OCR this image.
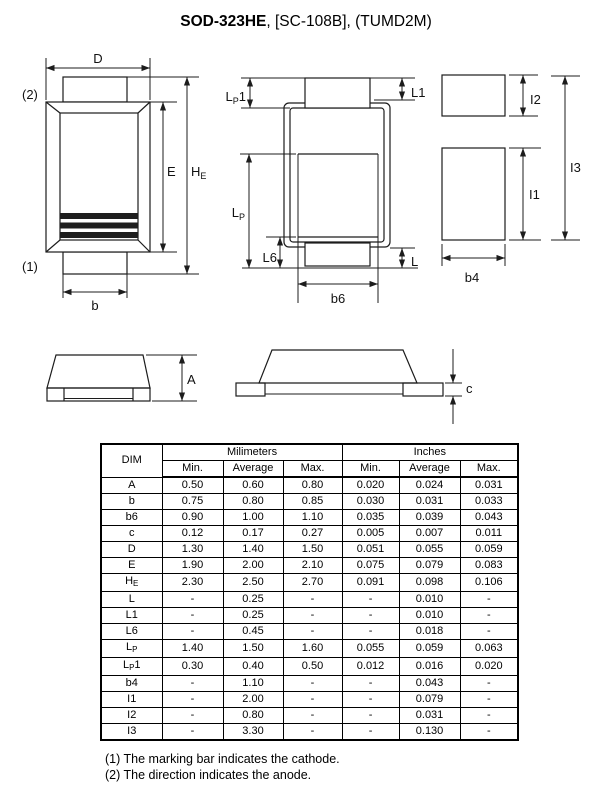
SOD-323HE, [SC-108B], (TUMD2M)
D
(2)
(1)
E $H_E$
b
$L_P1$	L1
$L_P$
L6	L
b6
I2
I1
I3
b4
A
c
DIM	Milimeters			Inches		
	Min.	Average	Max.	Min.	Average	Max.
A	0.50	0.60	0.80	0.020	0.024	0.031
b	0.75	0.80	0.85	0.030	0.031	0.033
b6	0.90	1.00	1.10	0.035	0.039	0.043
c	0.12	0.17	0.27	0.005	0.007	0.011
D	1.30	1.40	1.50	0.051	0.055	0.059
E	1.90	2.00	2.10	0.075	0.079	0.083
HE	2.30	2.50	2.70	0.091	0.098	0.106
L	-	0.25	-	-	0.010	-
L1	-	0.25	-	-	0.010	-
L6	-	0.45	-	-	0.018	-
LP	1.40	1.50	1.60	0.055	0.059	0.063
LP1	0.30	0.40	0.50	0.012	0.016	0.020
b4	-	1.10	-	-	0.043	-
I1	-	2.00	-	-	0.079	-
I2	-	0.80	-	-	0.031	-
I3	-	3.30	-	-	0.130	-
(1) The marking bar indicates the cathode.
(2) The direction indicates the anode.
